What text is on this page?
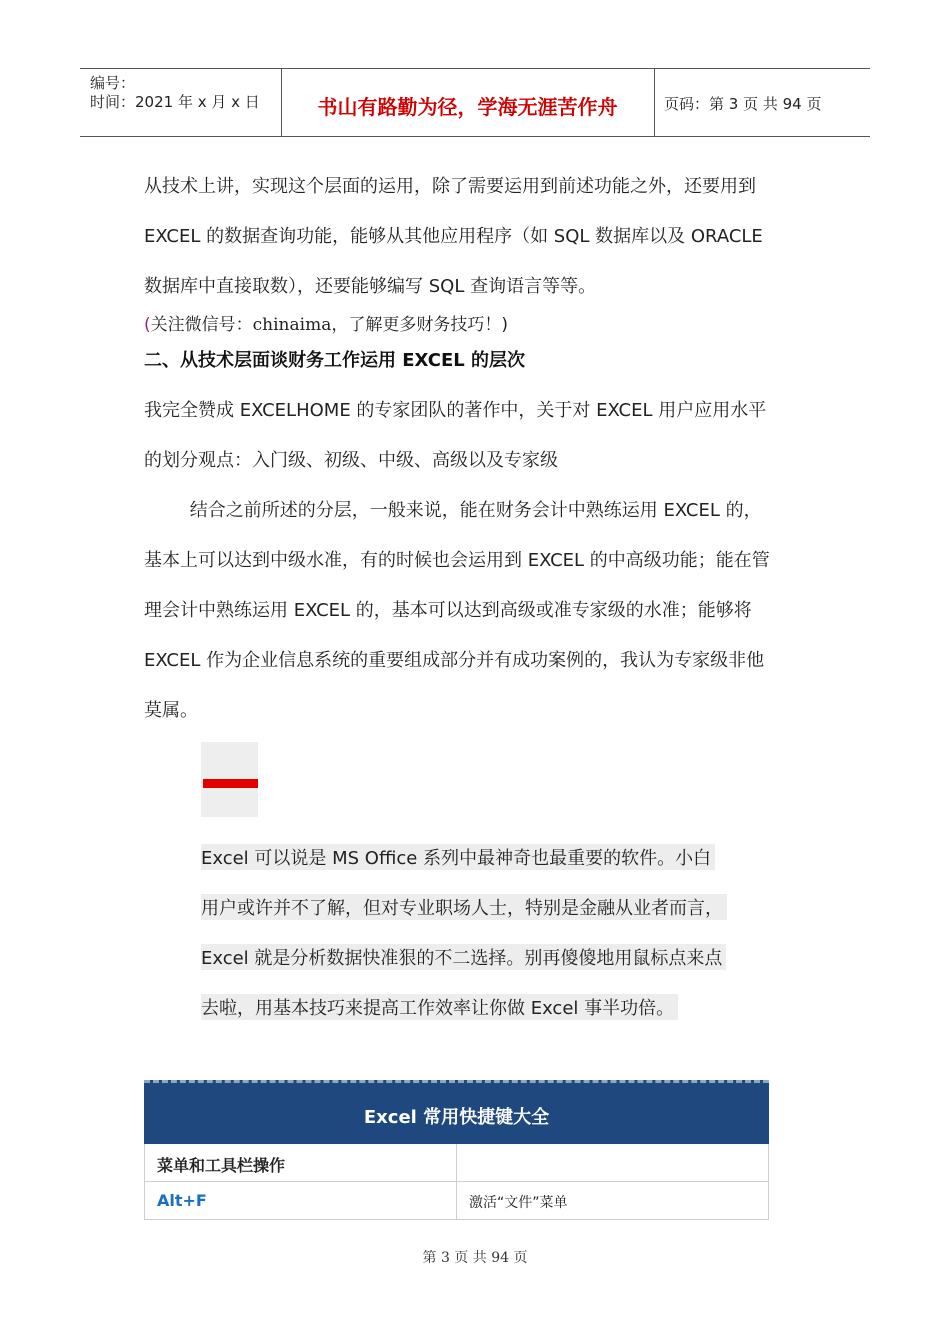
编号：
时间：2021 年 x 月 x 日	书山有路勤为径，学海无涯苦作舟	页码：第 3 页 共 94 页
从技术上讲，实现这个层面的运用，除了需要运用到前述功能之外，还要用到
EXCEL 的数据查询功能，能够从其他应用程序（如 SQL 数据库以及 ORACLE
数据库中直接取数），还要能够编写 SQL 查询语言等等。
(关注微信号：chinaima，了解更多财务技巧！)
二、从技术层面谈财务工作运用 EXCEL 的层次
我完全赞成 EXCELHOME 的专家团队的著作中，关于对 EXCEL 用户应用水平
的划分观点：入门级、初级、中级、高级以及专家级
结合之前所述的分层，一般来说，能在财务会计中熟练运用 EXCEL 的，
基本上可以达到中级水准，有的时候也会运用到 EXCEL 的中高级功能；能在管
理会计中熟练运用 EXCEL 的，基本可以达到高级或准专家级的水准；能够将
EXCEL 作为企业信息系统的重要组成部分并有成功案例的，我认为专家级非他
莫属。
Excel 可以说是 MS Office 系列中最神奇也最重要的软件。小白
用户或许并不了解，但对专业职场人士，特别是金融从业者而言，
Excel 就是分析数据快准狠的不二选择。别再傻傻地用鼠标点来点
去啦，用基本技巧来提高工作效率让你做 Excel 事半功倍。
Excel 常用快捷键大全
菜单和工具栏操作
Alt+F	激活“文件”菜单
第 3 页 共 94 页
